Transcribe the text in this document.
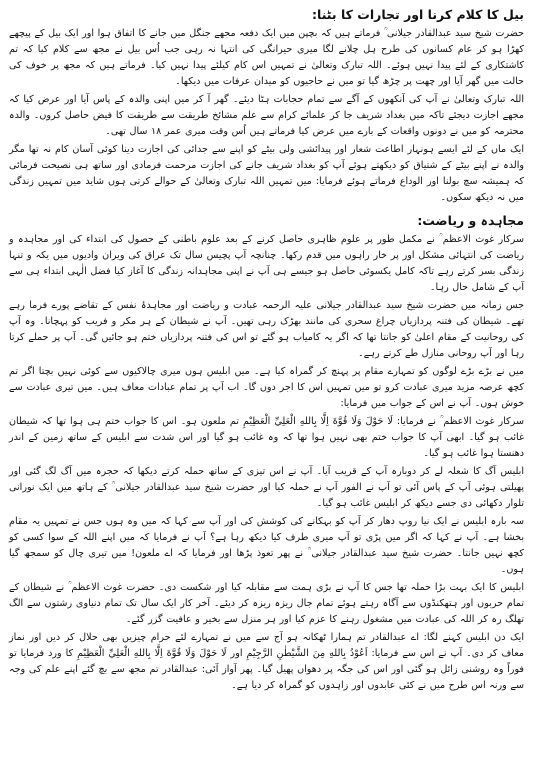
بیل کا کلام کرنا اور تجارات کا بٹنا:

حضرت شیخ سید عبدالقادر جیلانی ؒ فرماتے ہیں کہ بچپن میں ایک دفعہ مجھے جنگل میں جانے کا اتفاق ہوا اور ایک بیل کے پیچھے کھڑا ہو کر عام کسانوں کی طرح ہل چلانے لگا میری حیرانگی کی انتہا نہ رہی جب اُس بیل نے مجھ سے کلام کیا کہ تم کاشتکاری کے لئے پیدا نہیں ہوئے۔ اللہ تبارک وتعالیٰ نے تمہیں اس کام کیلئے پیدا نہیں کیا۔ فرماتے ہیں کہ مجھ پر خوف کی حالت میں گھر آیا اور چھت پر چڑھ گیا تو میں نے حاجیوں کو میدان عرفات میں دیکھا۔

اللہ تبارک وتعالیٰ نے آپ کی آنکھوں کے آگے سے تمام حجابات ہٹا دیئے۔ گھر آ کر میں اپنی والدہ کے پاس آیا اور عرض کیا کہ مجھے اجازت دیجئے تاکہ میں بغداد شریف جا کر علمائے کرام سے علم مشائخ طریقت سے طریقت کا فیض حاصل کروں۔ والدہ محترمہ کو میں نے دونوں واقعات کے بارے میں عرض کیا فرماتے ہیں اُس وقت میری عمر ۱۸ سال تھی۔

ایک ماں کے لئے ایسے ہونہار اطاعت شعار اور پیدائشی ولی بیٹے کو اپنے سے جدائی کی اجازت دینا کوئی آسان کام نہ تھا مگر والدہ نے اپنے بیٹے کے شتیاق کو دیکھتے ہوئے آپ کو بغداد شریف جانے کی اجازت مرحمت فرمادی اور ساتھ ہی نصیحت فرمائی کہ ہمیشہ سچ بولنا اور الوداع فرماتے ہوئے فرمایا: میں تمہیں اللہ تبارک وتعالیٰ کے حوالے کرتی ہوں شاید میں تمہیں زندگی میں نہ دیکھ سکوں۔

مجاہدہ و ریاضت:

سرکار غوث الاعظم ؒ نے مکمل طور پر علوم ظاہری حاصل کرنے کے بعد علوم باطنی کے حصول کی ابتداء کی اور مجاہدہ و ریاضت کی انتہائی مشکل اور پر خار راہوں میں قدم رکھا۔ چنانچہ آپ پچیس سال تک عراق کی ویران وادیوں میں یکہ و تنہا زندگی بسر کرتے رہے تاکہ کامل یکسوئی حاصل ہو جیسے ہی آپ نے اپنی مجاہدانہ زندگی کا آغاز کیا فضل الٰہی ابتداء ہی سے آپ کے شامل حال رہا۔

جس زمانہ میں حضرت شیخ سید عبدالقادر جیلانی علیہ الرحمہ عبادت و ریاضت اور مجاہدۂ نفس کے تقاضے پورے فرما رہے تھے۔ شیطان کی فتنہ پردازیاں چراغ سحری کی مانند بھڑک رہی تھیں۔ آپ نے شیطان کے ہر مکر و فریب کو پہچانا۔ وہ آپ کی روحانیت کے مقام اعلیٰ کو جانتا تھا کہ اگر یہ کامیاب ہو گئے تو اس کی فتنہ پردازیاں ختم ہو جائیں گی۔ آپ پر حملے کرتا رہا اور آپ روحانی منازل طے کرتے رہے۔

میں نے بڑے بڑے لوگوں کو تمہارے مقام پر پہنچ کر گمراہ کیا ہے۔ میں ابلیس ہوں میری چالاکیوں سے کوئی نہیں بچتا اگر تم کچھ عرصہ مزید میری عبادت کرو تو میں تمہیں اس کا اجر دوں گا۔ اب آپ پر تمام عبادات معاف ہیں۔ میں تیری عبادت سے خوش ہوں۔ آپ نے اس کے جواب میں فرمایا:

سرکار غوث الاعظم ؒ نے فرمایا: لَا حَوْلَ وَلَا قُوَّةَ اِلَّا بِاللهِ الْعَلِيِّ الْعَظِيْمِ تم ملعون ہو۔ اس کا جواب ختم ہی ہوا تھا کہ شیطان غائب ہو گیا۔ ابھی آپ کا جواب ختم بھی نہیں ہوا تھا کہ وہ غائب ہو گیا اور اس شدت سے ابلیس کے ساتھ زمین کے اندر دھنستا ہوا غائب ہو گیا۔

ابلیس آگ کا شعلہ لے کر دوبارہ آپ کے قریب آیا۔ آپ نے اس تیزی کے ساتھ حملہ کرتے دیکھا کہ حجرہ میں آگ لگ گئی اور پھیلتی ہوئی آپ کے پاس آئی تو آپ نے الفور آپ نے حملہ کیا اور حضرت شیخ سید عبدالقادر جیلانی ؒ کے ہاتھ میں ایک نورانی تلوار دکھائی دی جسے دیکھ کر ابلیس غائب ہو گیا۔

سہ بارہ ابلیس نے ایک نیا روپ دھار کر آپ کو بہکانے کی کوشش کی اور آپ سے کہا کہ میں وہ ہوں جس نے تمہیں یہ مقام بخشا ہے۔ آپ نے کہا کہ اگر میں پڑی تو آپ میری طرف کیا دیکھ رہا ہے؟ آپ نے فرمایا کہ میں اپنے اللہ کے سوا کسی کو کچھ نہیں جانتا۔ حضرت شیخ سید عبدالقادر جیلانی ؒ نے پھر تعوذ پڑھا اور فرمایا کہ اے ملعون! میں تیری چال کو سمجھ گیا ہوں۔

ابلیس کا ایک بہت بڑا حملہ تھا جس کا آپ نے بڑی ہمت سے مقابلہ کیا اور شکست دی۔ حضرت غوث الاعظم ؒ نے شیطان کے تمام حربوں اور ہتھکنڈوں سے آگاہ رہتے ہوئے تمام جال ریزہ ریزہ کر دیئے۔ آخر کار ایک سال تک تمام دنیاوی رشتوں سے الگ تھلگ رہ کر اللہ کی عبادت میں مشغول رہنے کا عزم کیا اور ہر منزل سے بخیر و عافیت گزر گئے۔

ایک دن ابلیس کہنے لگا: اے عبدالقادر تم ہمارا ٹھکانہ ہو آج سے میں نے تمہارے لئے حرام چیزیں بھی حلال کر دیں اور نماز معاف کر دی۔ آپ نے اس سے فرمایا: اَعُوْذُ بِاللهِ مِنَ الشَّيْطٰنِ الرَّجِيْمِ اور لَا حَوْلَ وَلَا قُوَّةَ اِلَّا بِاللهِ الْعَلِيِّ الْعَظِيْمِ کا ورد فرمایا تو فوراً وہ روشنی زائل ہو گئی اور اس کی جگہ پر دھواں پھیل گیا۔ پھر آواز آئی: عبدالقادر تم مجھ سے بچ گئے اپنے علم کی وجہ سے ورنہ اس طرح میں نے کئی عابدوں اور زاہدوں کو گمراہ کر دیا ہے۔
